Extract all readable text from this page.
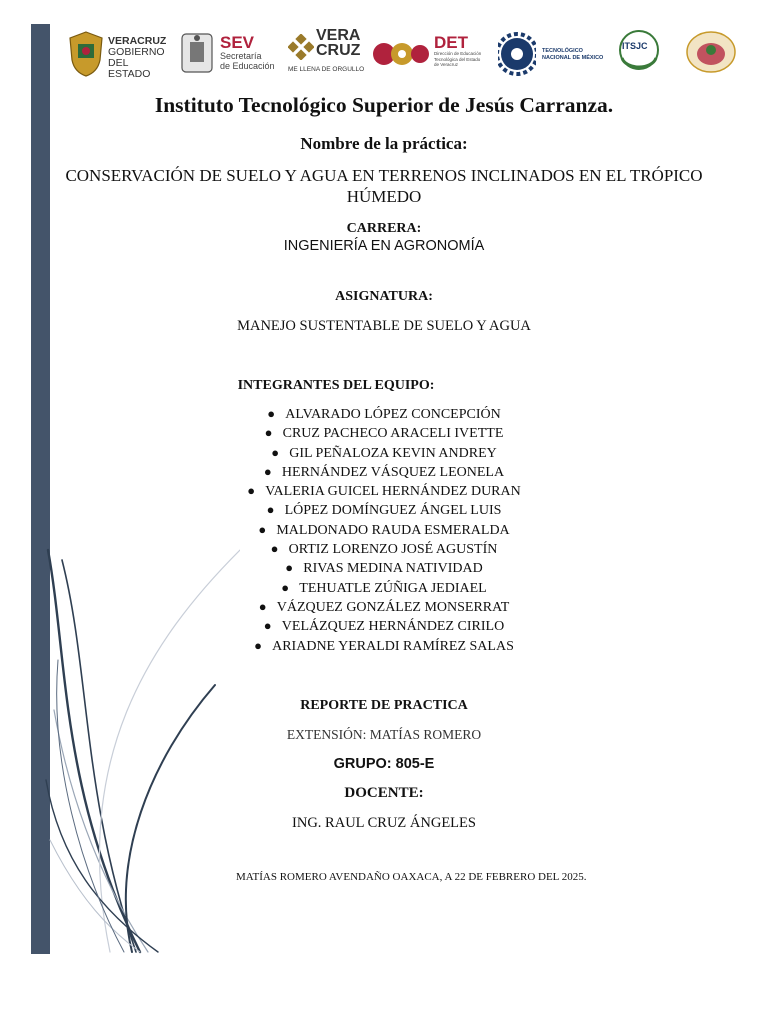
VERACRUZ
GOBIERNO
DEL ESTADO
SEV
Secretaría
de Educación
VERA
CRUZ
ME LLENA DE ORGULLO
DET
Dirección de Educación
Tecnológica del Estado
de Veracruz
TECNOLÓGICO
NACIONAL DE MÉXICO
ITSJC
Instituto Tecnológico Superior de Jesús Carranza.
Nombre de la práctica:
CONSERVACIÓN DE SUELO Y AGUA EN TERRENOS INCLINADOS EN EL TRÓPICO HÚMEDO
CARRERA:
INGENIERÍA EN AGRONOMÍA
ASIGNATURA:
MANEJO SUSTENTABLE DE SUELO Y AGUA
INTEGRANTES DEL EQUIPO:
● ALVARADO LÓPEZ CONCEPCIÓN
● CRUZ PACHECO ARACELI IVETTE
● GIL PEÑALOZA KEVIN ANDREY
● HERNÁNDEZ VÁSQUEZ LEONELA
● VALERIA GUICEL HERNÁNDEZ DURAN
● LÓPEZ DOMÍNGUEZ ÁNGEL LUIS
● MALDONADO RAUDA ESMERALDA
● ORTIZ LORENZO JOSÉ AGUSTÍN
● RIVAS MEDINA NATIVIDAD
● TEHUATLE ZÚÑIGA JEDIAEL
● VÁZQUEZ GONZÁLEZ MONSERRAT
● VELÁZQUEZ HERNÁNDEZ CIRILO
● ARIADNE YERALDI RAMÍREZ SALAS
REPORTE DE PRACTICA
EXTENSIÓN: MATÍAS ROMERO
GRUPO: 805-E
DOCENTE:
ING. RAUL CRUZ ÁNGELES
MATÍAS ROMERO AVENDAÑO OAXACA, A 22 DE FEBRERO DEL 2025.
